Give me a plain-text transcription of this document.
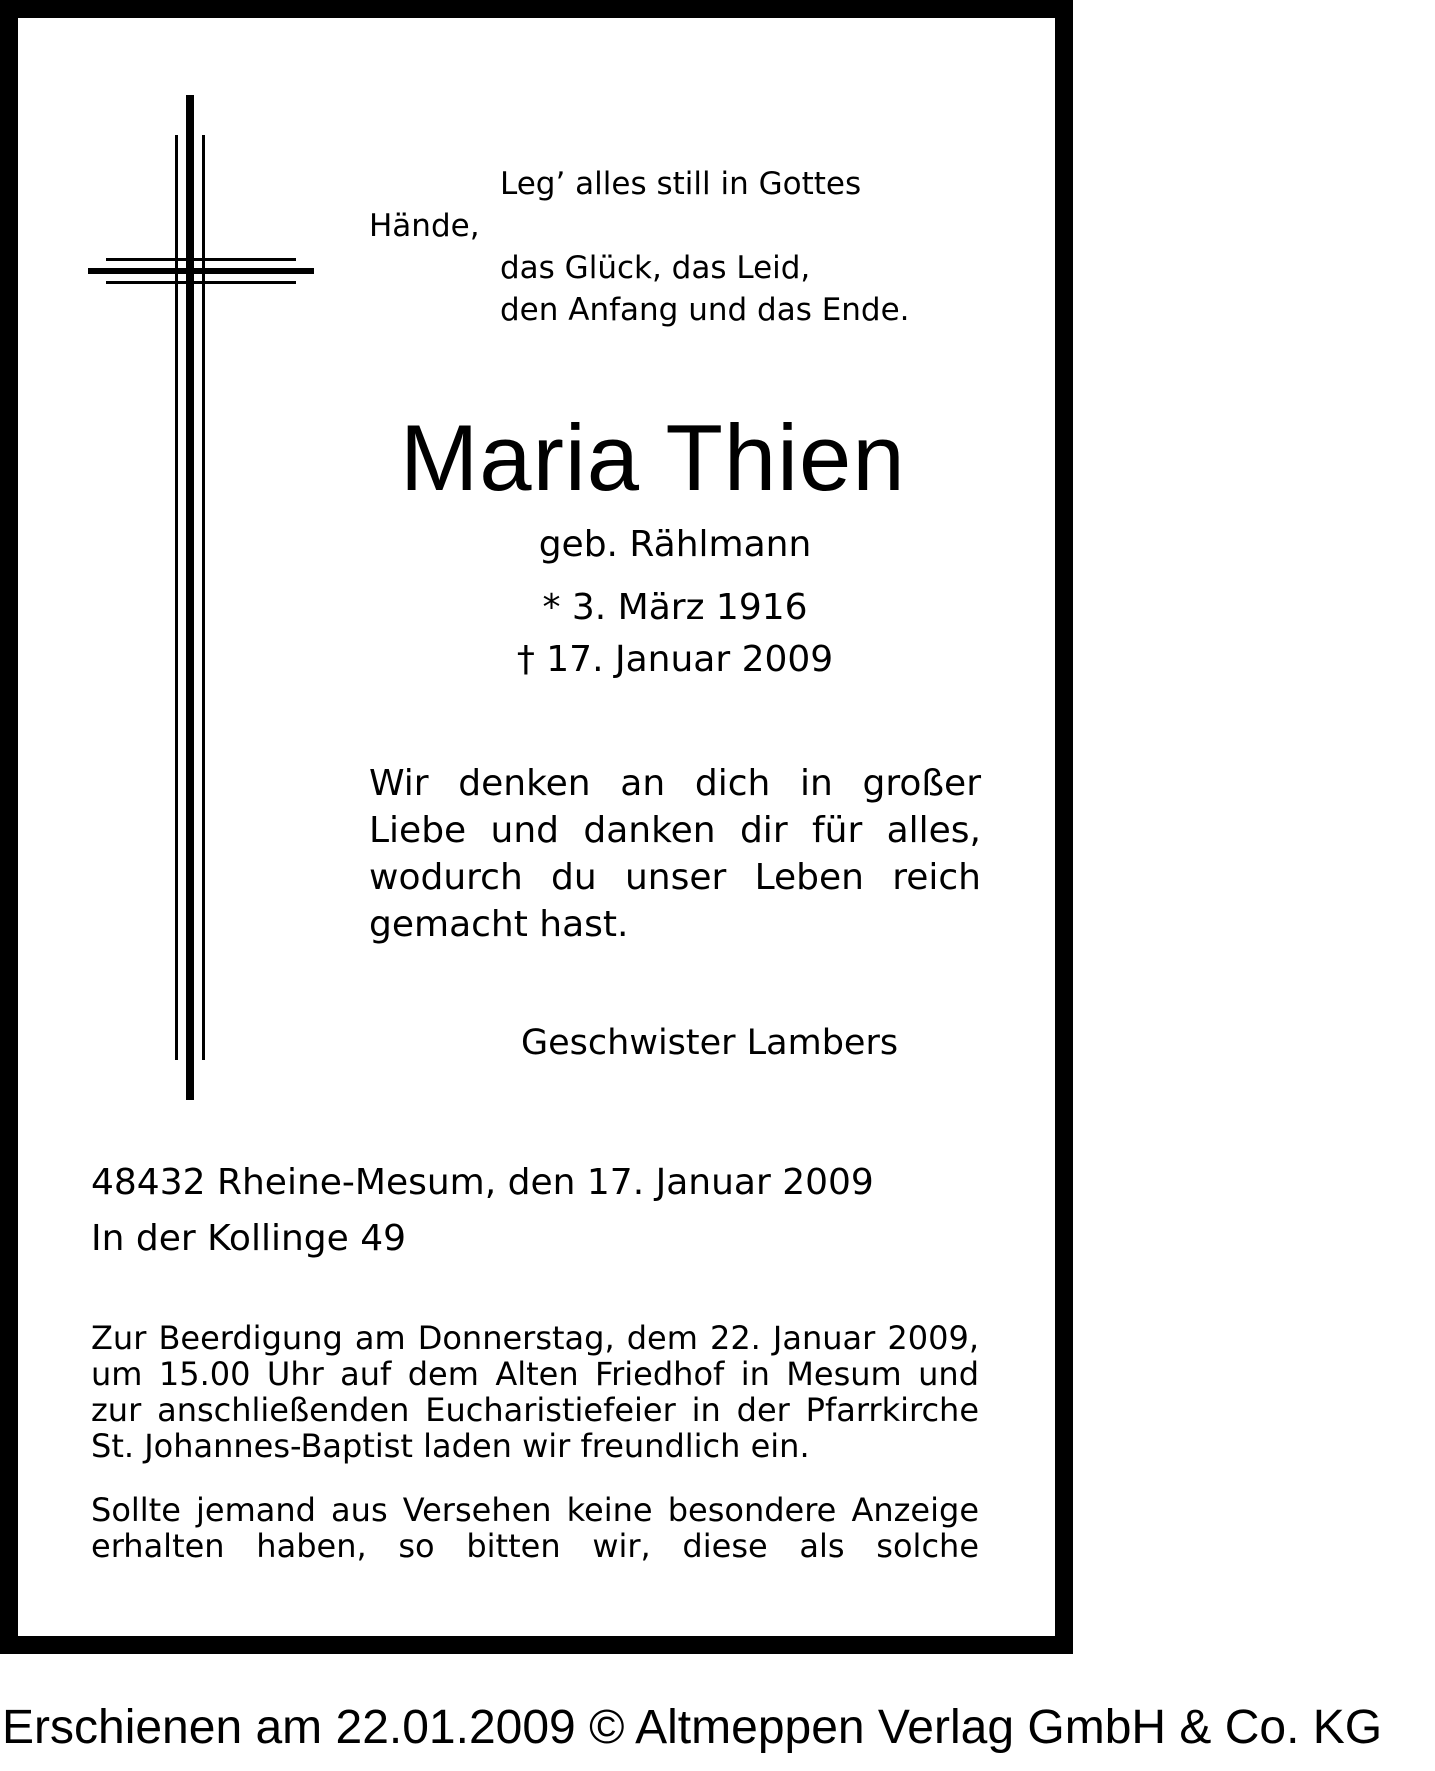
Leg’ alles still in Gottes
Hände,
das Glück, das Leid,
den Anfang und das Ende.
Maria Thien
geb. Rählmann
* 3. März 1916
† 17. Januar 2009
Wir denken an dich in großer
Liebe und danken dir für alles,
wodurch du unser Leben reich
gemacht hast.
Geschwister Lambers
48432 Rheine-Mesum, den 17. Januar 2009
In der Kollinge 49
Zur Beerdigung am Donnerstag, dem 22. Januar 2009,
um 15.00 Uhr auf dem Alten Friedhof in Mesum und
zur anschließenden Eucharistiefeier in der Pfarrkirche
St. Johannes-Baptist laden wir freundlich ein.
Sollte jemand aus Versehen keine besondere Anzeige
erhalten haben, so bitten wir, diese als solche
Erschienen am 22.01.2009 © Altmeppen Verlag GmbH & Co. KG
